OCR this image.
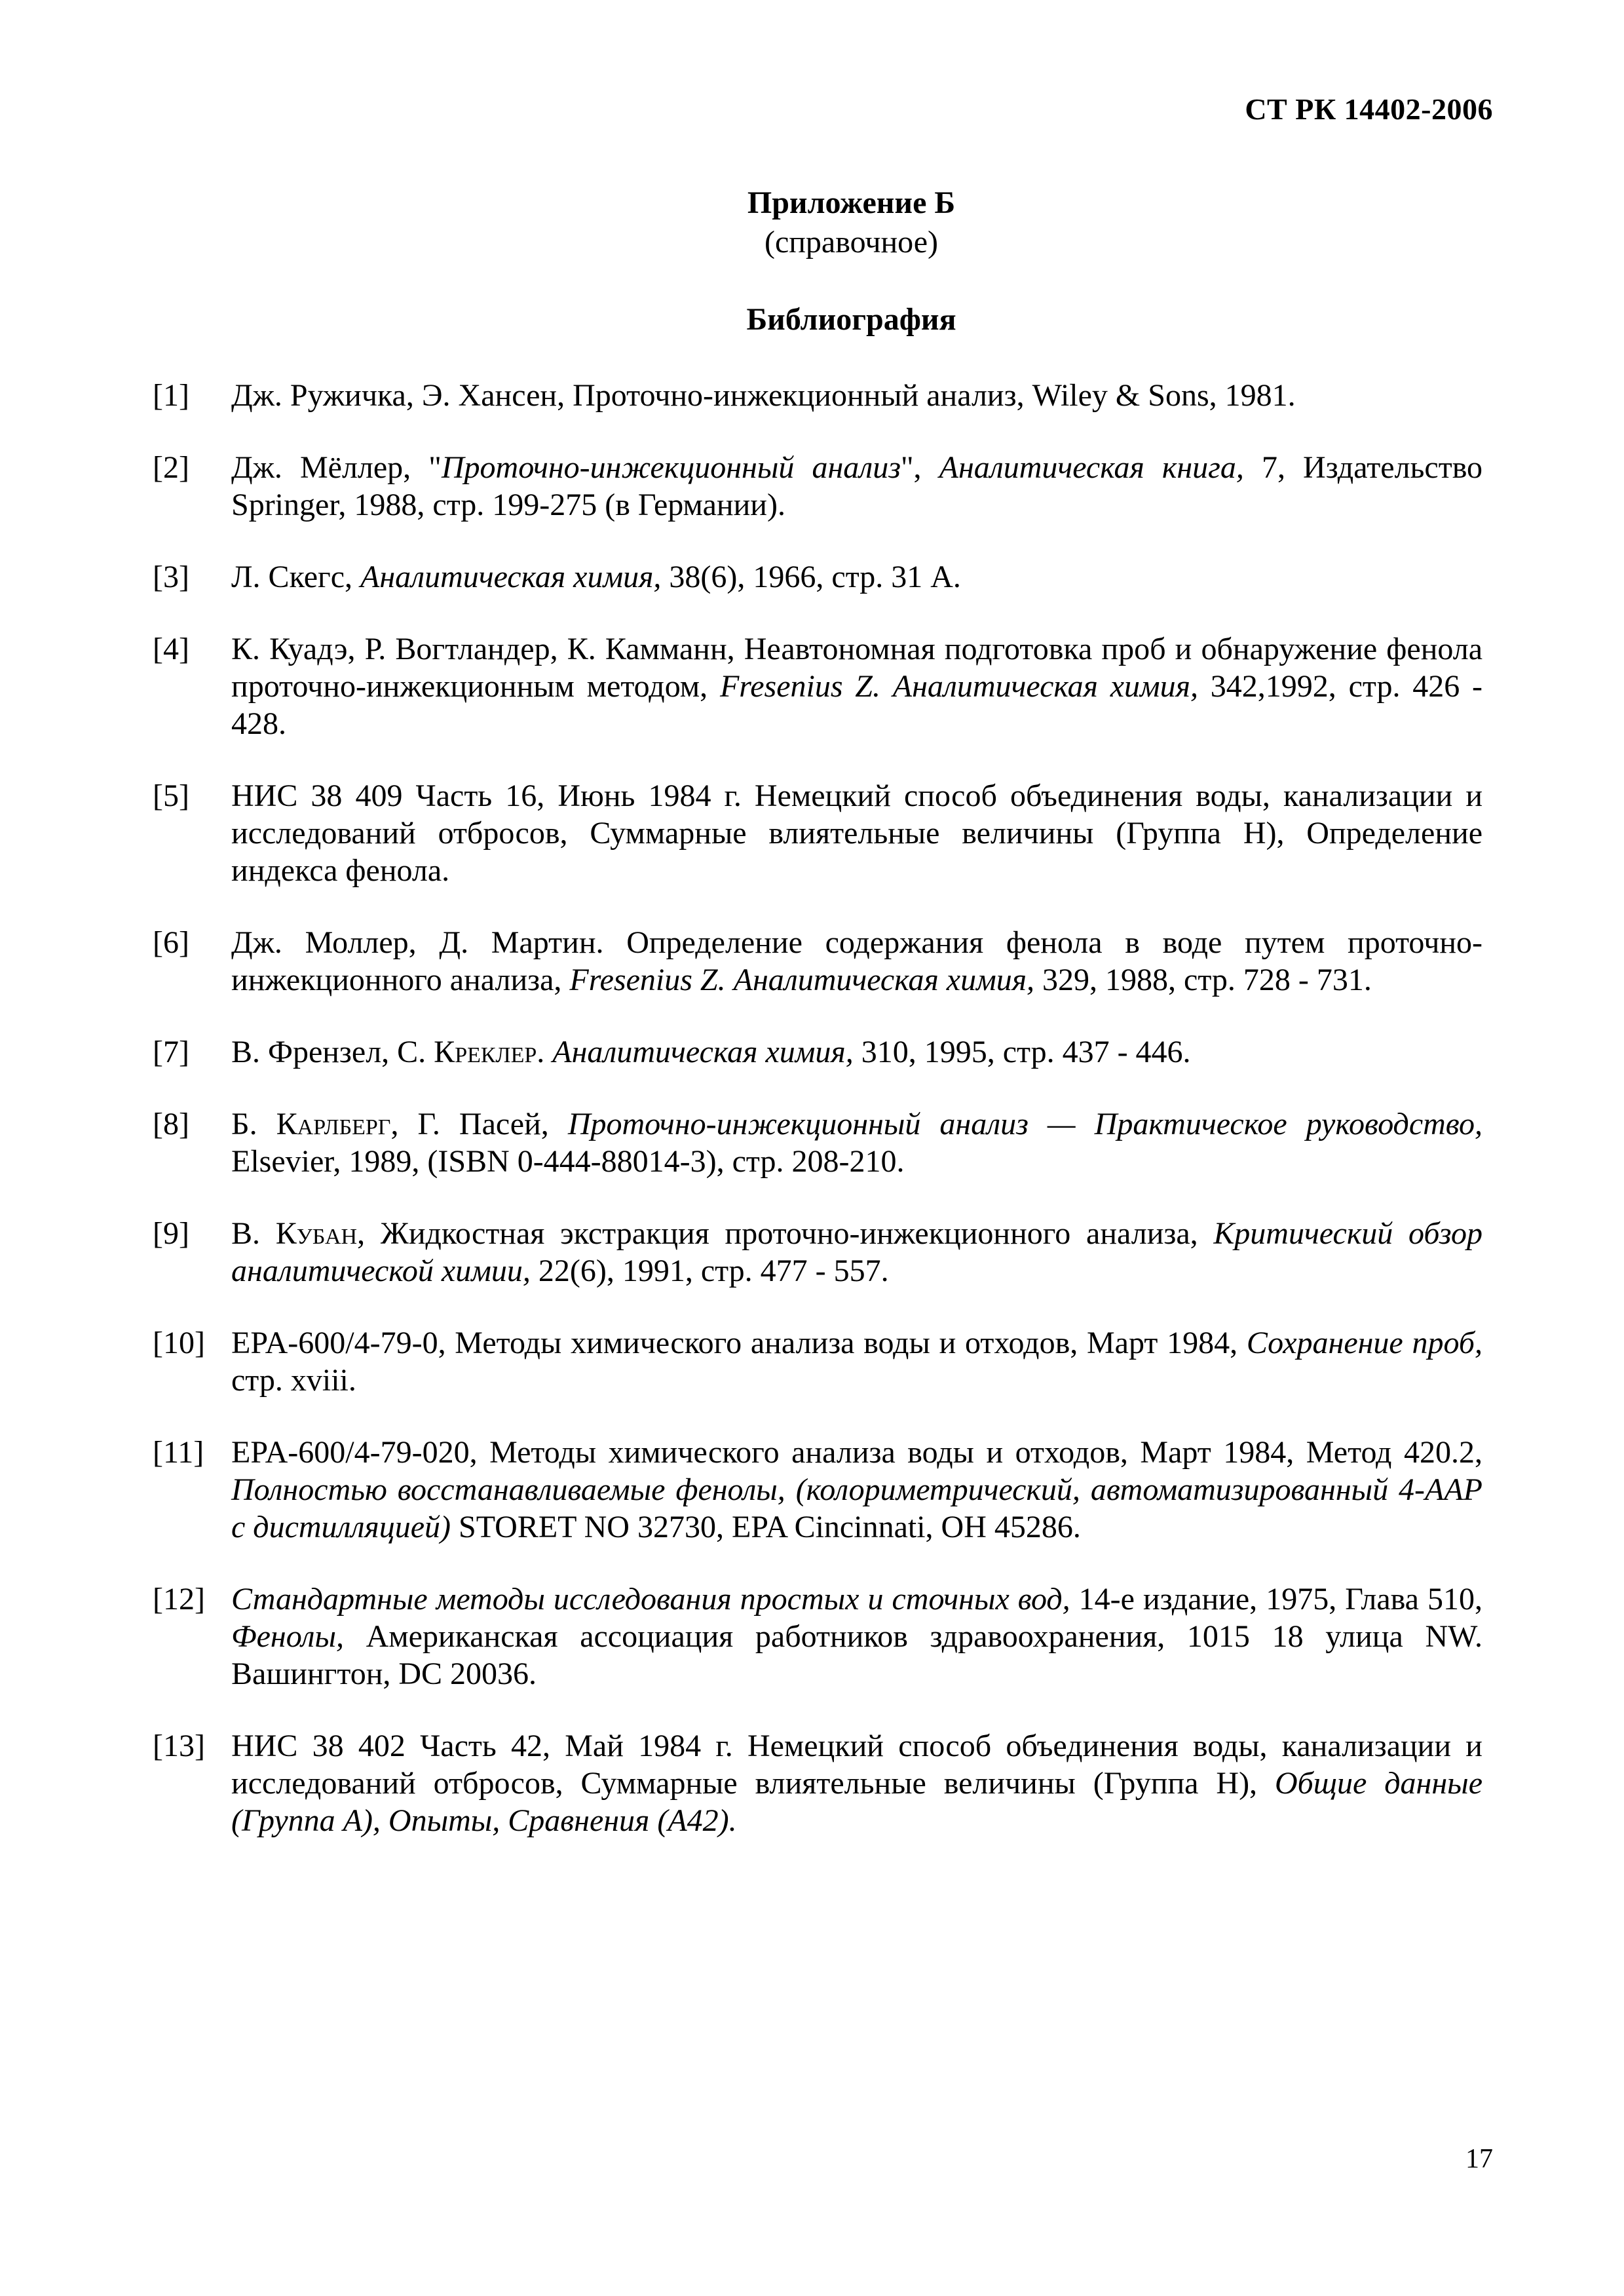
СТ РК 14402-2006
Приложение Б
(справочное)
Библиография
[1]	Дж. Ружичка, Э. Хансен, Проточно-инжекционный анализ, Wiley & Sons, 1981.
[2]	Дж. Мёллер, "Проточно-инжекционный анализ", Аналитическая книга, 7, Издательство Springer, 1988, стр. 199-275 (в Германии).
[3]	Л. Скегс, Аналитическая химия, 38(6), 1966, стр. 31 А.
[4]	К. Куадэ, Р. Вогтландер, К. Камманн, Неавтономная подготовка проб и обнаружение фенола проточно-инжекционным методом, Fresenius Z. Аналитическая химия, 342,1992, стр. 426 - 428.
[5]	НИС 38 409 Часть 16, Июнь 1984 г. Немецкий способ объединения воды, канализации и исследований отбросов, Суммарные влиятельные величины (Группа Н), Определение индекса фенола.
[6]	Дж. Моллер, Д. Мартин. Определение содержания фенола в воде путем проточно-инжекционного анализа, Fresenius Z. Аналитическая химия, 329, 1988, стр. 728 - 731.
[7]	В. Френзел, С. Креклер. Аналитическая химия, 310, 1995, стр. 437 - 446.
[8]	Б. Карлберг, Г. Пасей, Проточно-инжекционный анализ — Практическое руководство, Elsevier, 1989, (ISBN 0-444-88014-3), стр. 208-210.
[9]	В. Кубан, Жидкостная экстракция проточно-инжекционного анализа, Критический обзор аналитической химии, 22(6), 1991, стр. 477 - 557.
[10] EPA-600/4-79-0, Методы химического анализа воды и отходов, Март 1984, Сохранение проб, стр. xviii.
[11] EPA-600/4-79-020, Методы химического анализа воды и отходов, Март 1984, Метод 420.2, Полностью восстанавливаемые фенолы, (колориметрический, автоматизированный 4-ААР с дистилляцией) STORET NO 32730, EPA Cincinnati, OH 45286.
[12] Стандартные методы исследования простых и сточных вод, 14-е издание, 1975, Глава 510, Фенолы, Американская ассоциация работников здравоохранения, 1015 18 улица NW. Вашингтон, DC 20036.
[13] НИС 38 402 Часть 42, Май 1984 г. Немецкий способ объединения воды, канализации и исследований отбросов, Суммарные влиятельные величины (Группа Н), Общие данные (Группа А), Опыты, Сравнения (А42).
17
